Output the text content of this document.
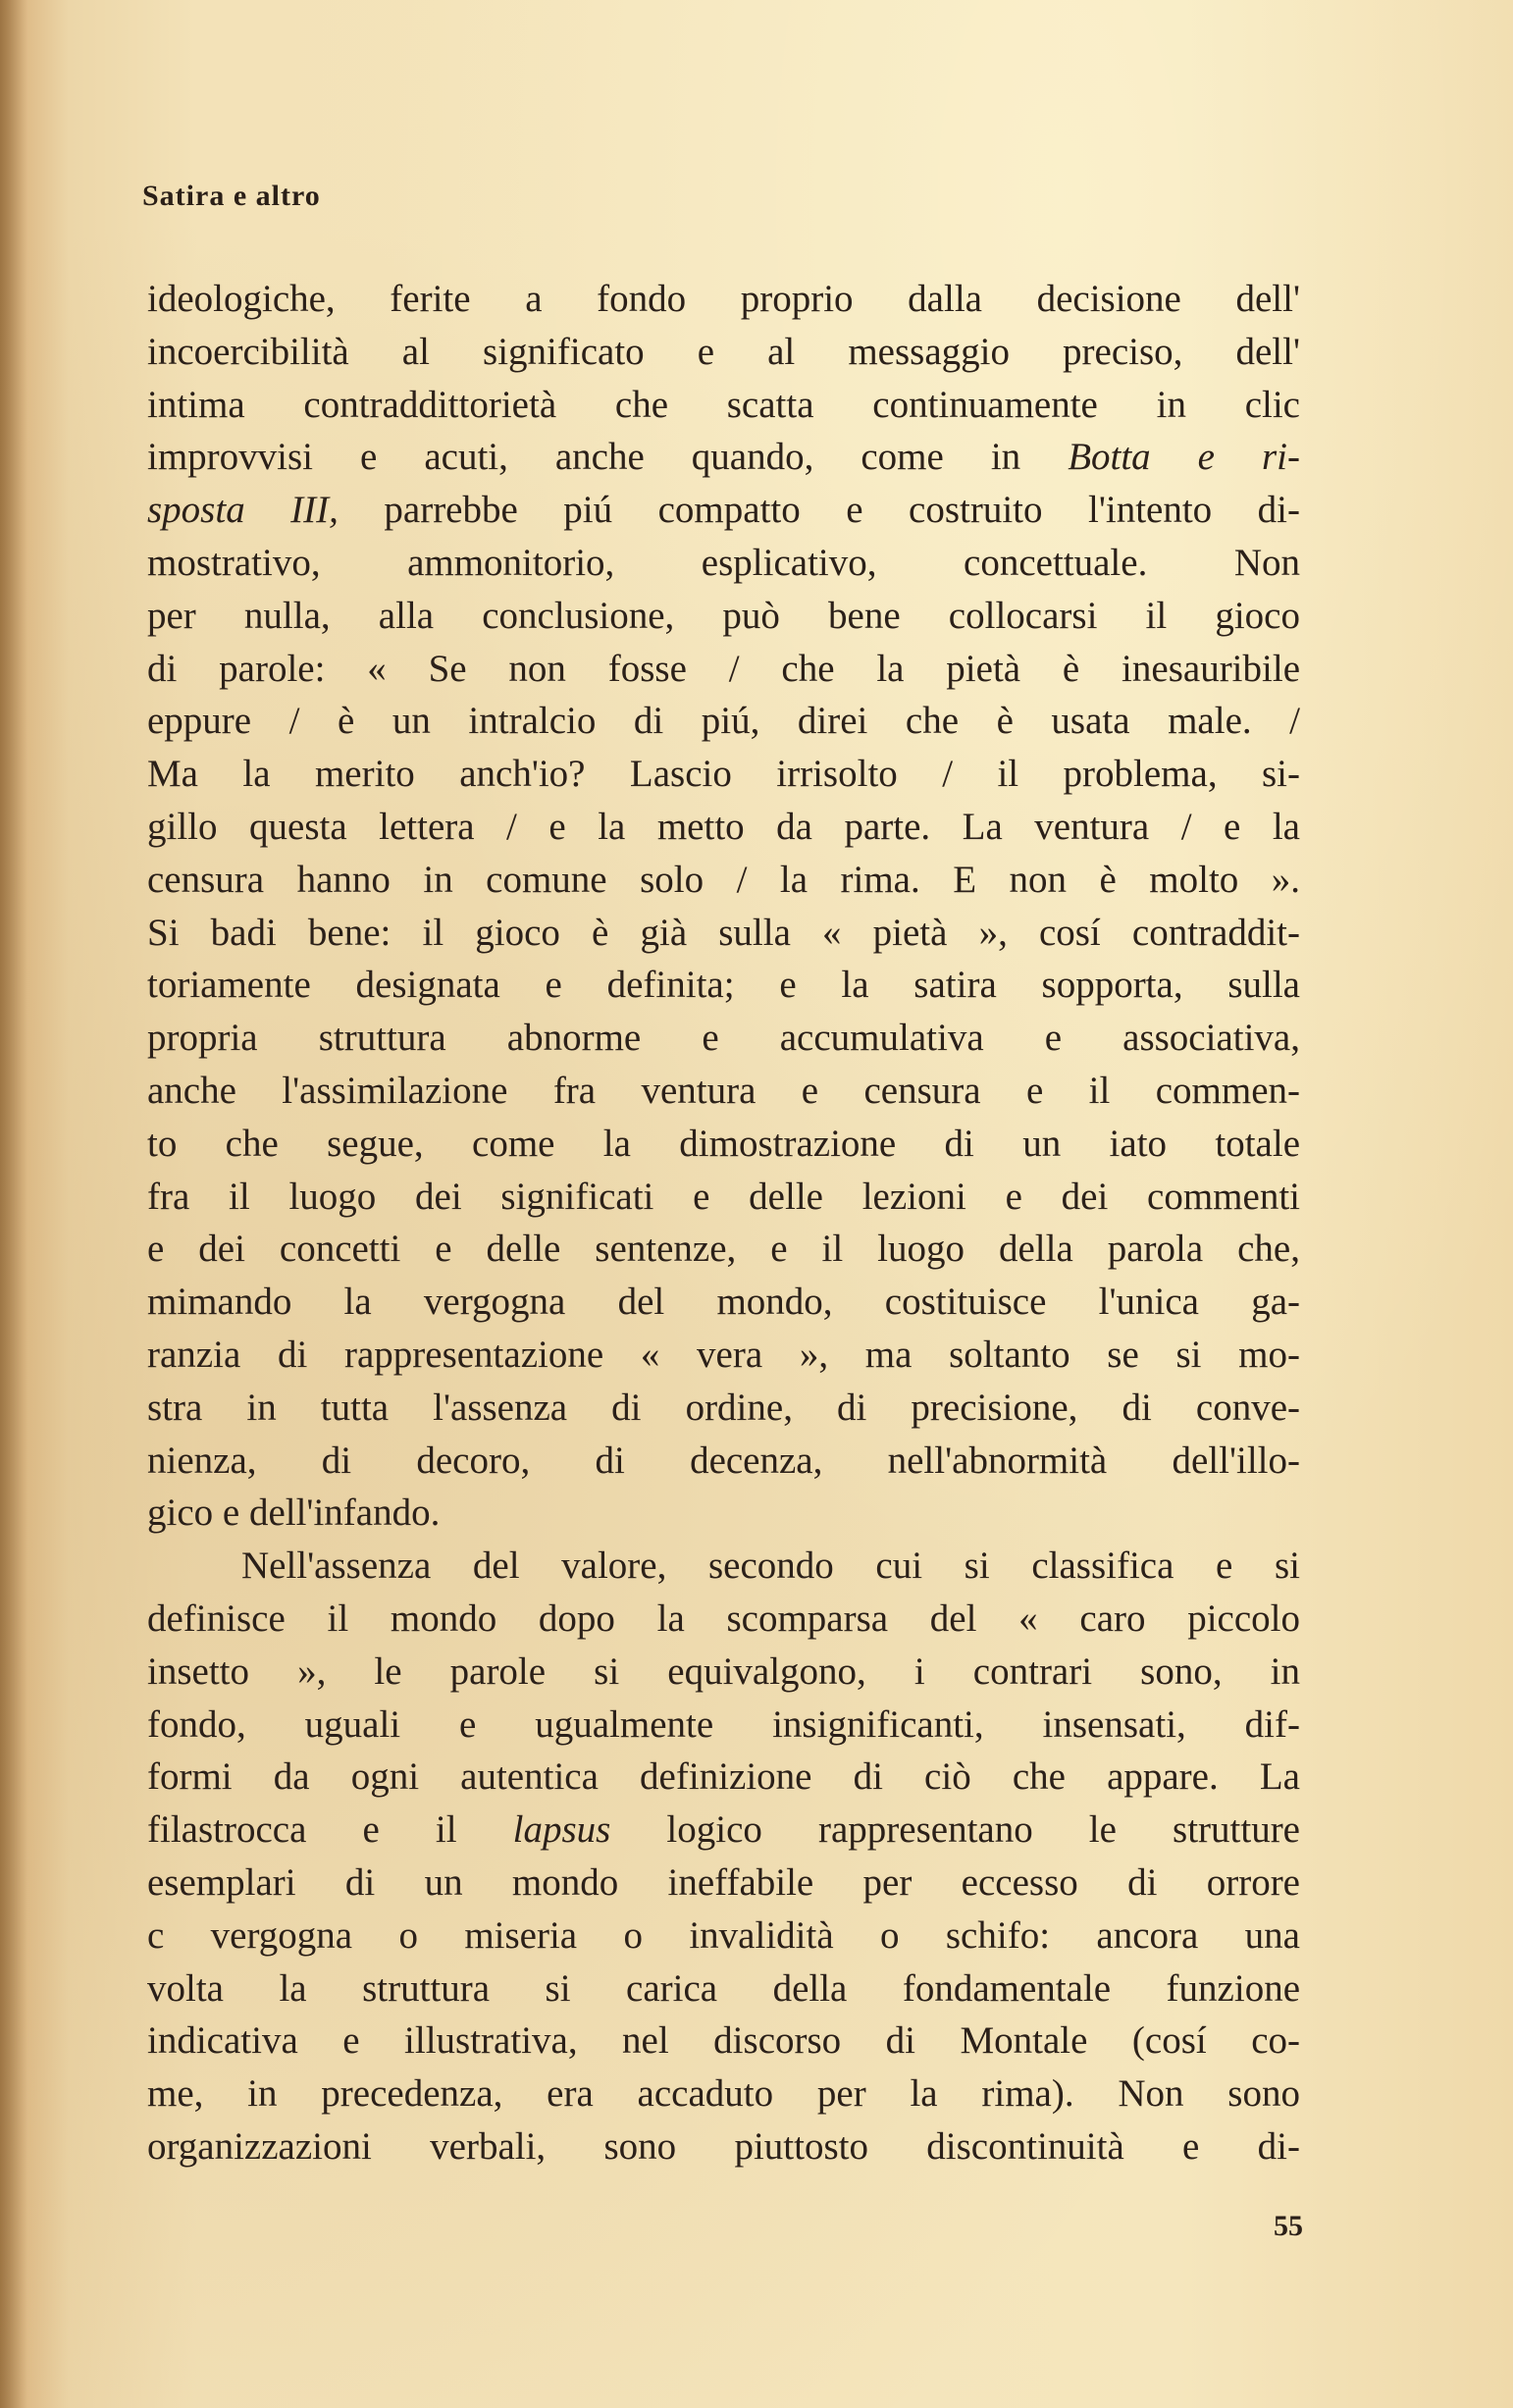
Satira e altro

ideologiche, ferite a fondo proprio dalla decisione dell'
incoercibilità al significato e al messaggio preciso, dell'
intima contraddittorietà che scatta continuamente in clic
improvvisi e acuti, anche quando, come in Botta e ri-
sposta III, parrebbe piú compatto e costruito l'intento di-
mostrativo, ammonitorio, esplicativo, concettuale. Non
per nulla, alla conclusione, può bene collocarsi il gioco
di parole: « Se non fosse / che la pietà è inesauribile
eppure / è un intralcio di piú, direi che è usata male. /
Ma la merito anch'io? Lascio irrisolto / il problema, si-
gillo questa lettera / e la metto da parte. La ventura / e la
censura hanno in comune solo / la rima. E non è molto ».
Si badi bene: il gioco è già sulla « pietà », cosí contraddit-
toriamente designata e definita; e la satira sopporta, sulla
propria struttura abnorme e accumulativa e associativa,
anche l'assimilazione fra ventura e censura e il commen-
to che segue, come la dimostrazione di un iato totale
fra il luogo dei significati e delle lezioni e dei commenti
e dei concetti e delle sentenze, e il luogo della parola che,
mimando la vergogna del mondo, costituisce l'unica ga-
ranzia di rappresentazione « vera », ma soltanto se si mo-
stra in tutta l'assenza di ordine, di precisione, di conve-
nienza, di decoro, di decenza, nell'abnormità dell'illo-
gico e dell'infando.

Nell'assenza del valore, secondo cui si classifica e si
definisce il mondo dopo la scomparsa del « caro piccolo
insetto », le parole si equivalgono, i contrari sono, in
fondo, uguali e ugualmente insignificanti, insensati, dif-
formi da ogni autentica definizione di ciò che appare. La
filastrocca e il lapsus logico rappresentano le strutture
esemplari di un mondo ineffabile per eccesso di orrore
c vergogna o miseria o invalidità o schifo: ancora una
volta la struttura si carica della fondamentale funzione
indicativa e illustrativa, nel discorso di Montale (cosí co-
me, in precedenza, era accaduto per la rima). Non sono
organizzazioni verbali, sono piuttosto discontinuità e di-

55
